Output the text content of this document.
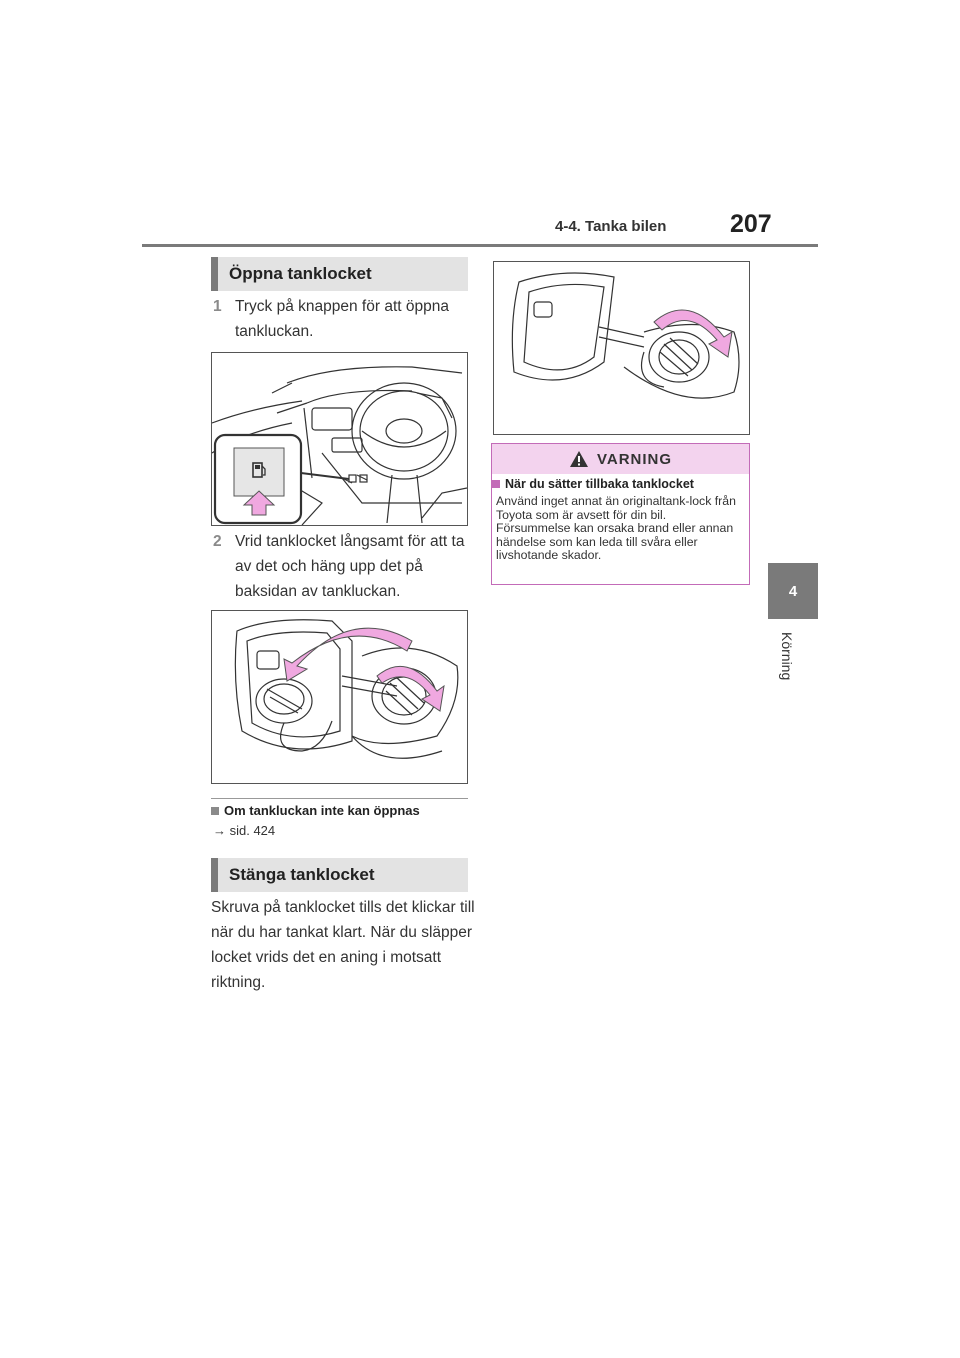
4-4. Tanka bilen	207
4
Körning
Öppna tanklocket
1 Tryck på knappen för att öppna tankluckan.
2 Vrid tanklocket långsamt för att ta av det och häng upp det på baksidan av tankluckan.
Om tankluckan inte kan öppnas
→ sid. 424
Stänga tanklocket
Skruva på tanklocket tills det klickar till när du har tankat klart. När du släpper locket vrids det en aning i motsatt riktning.
VARNING
När du sätter tillbaka tanklocket
Använd inget annat än originaltank-lock från Toyota som är avsett för din bil. Försummelse kan orsaka brand eller annan händelse som kan leda till svåra eller livshotande skador.
